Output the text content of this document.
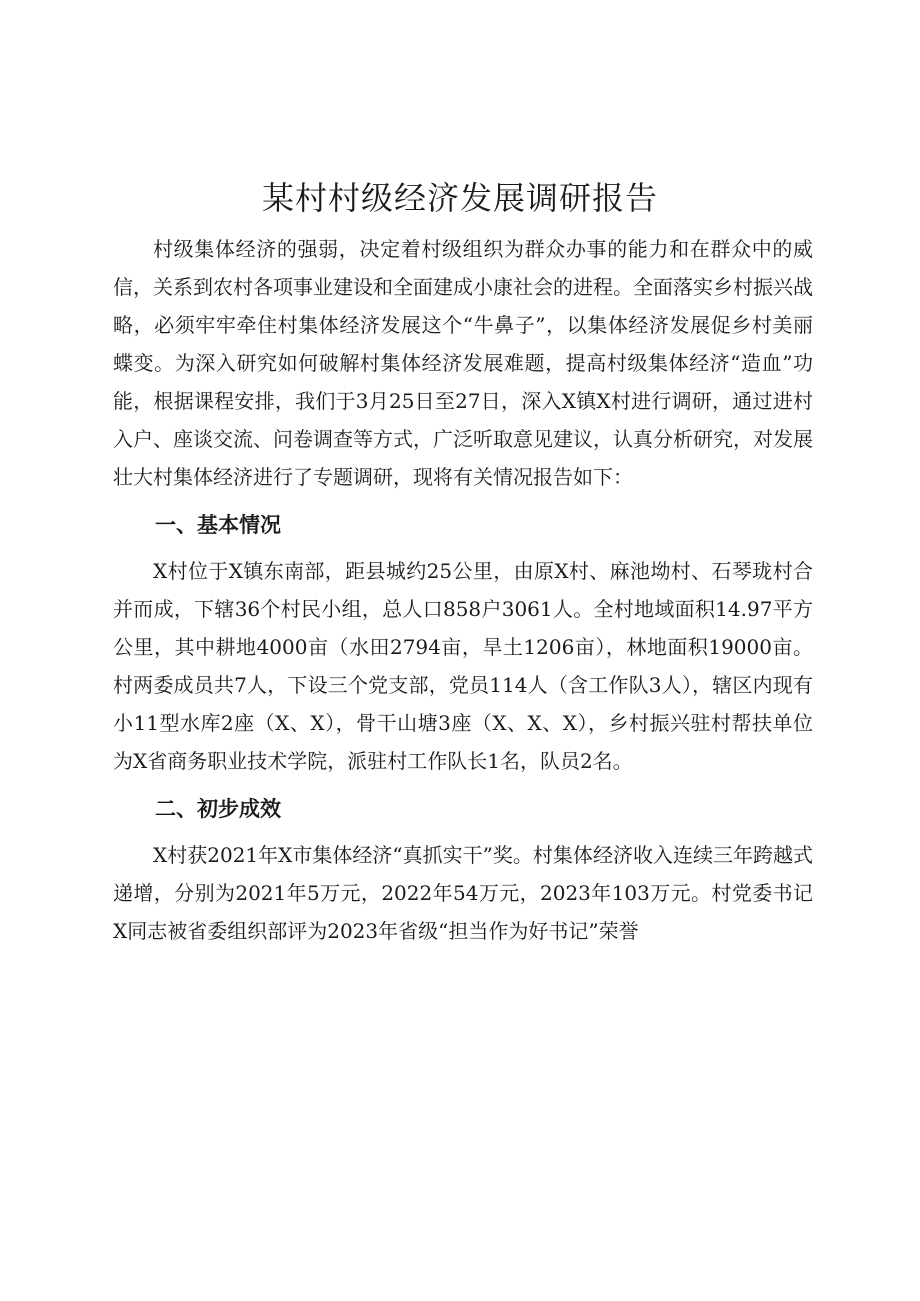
某村村级经济发展调研报告

村级集体经济的强弱，决定着村级组织为群众办事的能力和在群众中的威信，关系到农村各项事业建设和全面建成小康社会的进程。全面落实乡村振兴战略，必须牢牢牵住村集体经济发展这个“牛鼻子”，以集体经济发展促乡村美丽蝶变。为深入研究如何破解村集体经济发展难题，提高村级集体经济“造血”功能，根据课程安排，我们于3月25日至27日，深入X镇X村进行调研，通过进村入户、座谈交流、问卷调查等方式，广泛听取意见建议，认真分析研究，对发展壮大村集体经济进行了专题调研，现将有关情况报告如下：

一、基本情况

X村位于X镇东南部，距县城约25公里，由原X村、麻池坳村、石琴珑村合并而成，下辖36个村民小组，总人口858户3061人。全村地域面积14.97平方公里，其中耕地4000亩（水田2794亩，旱土1206亩），林地面积19000亩。村两委成员共7人，下设三个党支部，党员114人（含工作队3人），辖区内现有小11型水库2座（X、X），骨干山塘3座（X、X、X），乡村振兴驻村帮扶单位为X省商务职业技术学院，派驻村工作队长1名，队员2名。

二、初步成效

X村获2021年X市集体经济“真抓实干”奖。村集体经济收入连续三年跨越式递增，分别为2021年5万元，2022年54万元，2023年103万元。村党委书记X同志被省委组织部评为2023年省级“担当作为好书记”荣誉
